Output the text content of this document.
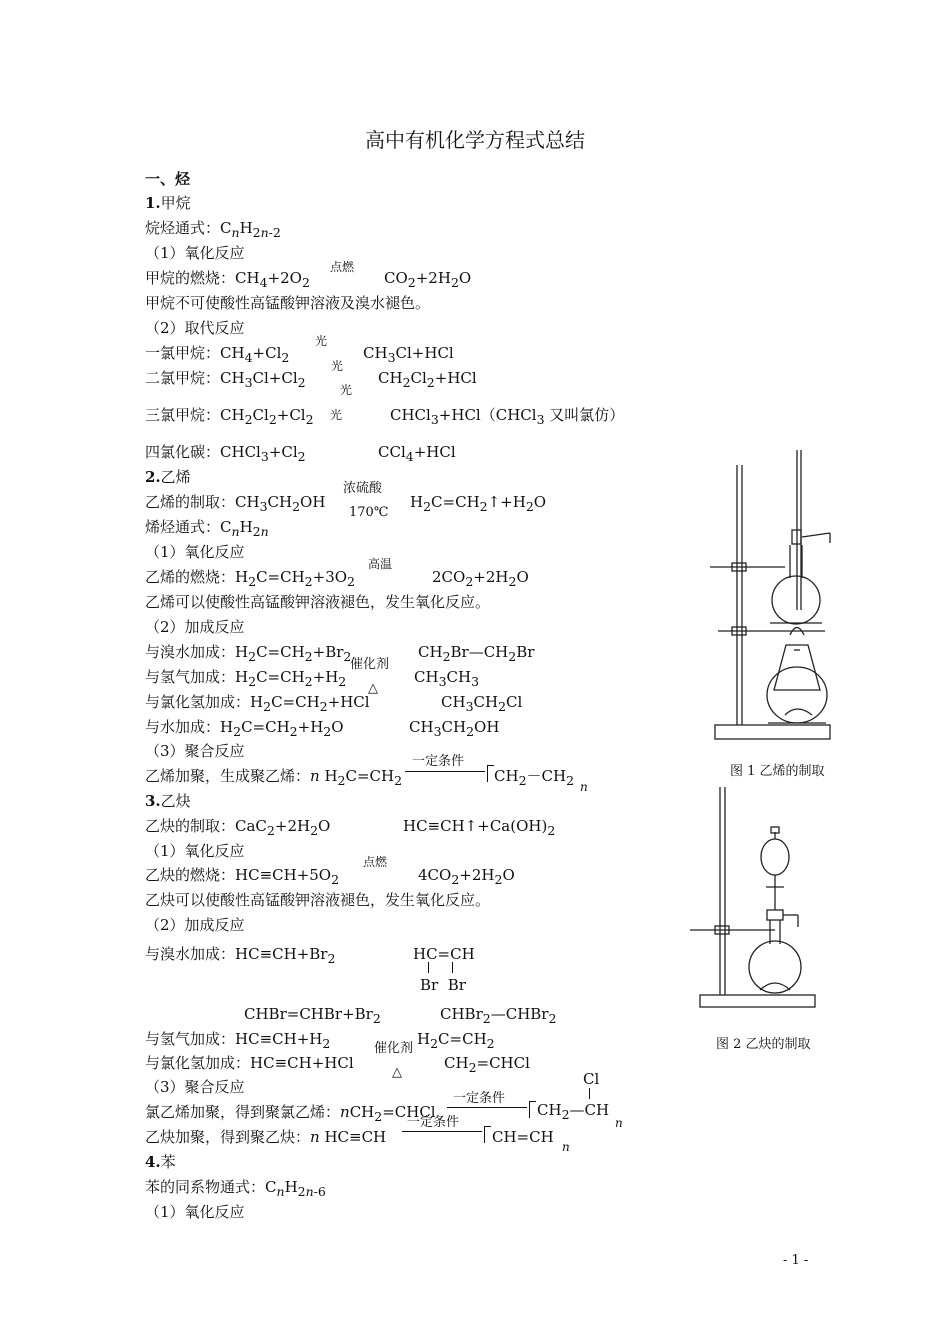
高中有机化学方程式总结
一、烃
1.甲烷
烷烃通式：$C_nH_{2n-2}$
（1）氧化反应
点燃
甲烷的燃烧：$CH_4+2O_2$	$CO_2+2H_2O$
甲烷不可使酸性高锰酸钾溶液及溴水褪色。
（2）取代反应
光
一氯甲烷：$CH_4+Cl_2$	$CH_3Cl+HCl$
光
二氯甲烷：$CH_3Cl+Cl_2$	$CH_2Cl_2+HCl$
光
光
三氯甲烷：$CH_2Cl_2+Cl_2$	CHCl$_3$+HCl（CHCl$_3$ 又叫氯仿）
四氯化碳：$CHCl_3+Cl_2$	CCl$_4$+HCl
2.乙烯
浓硫酸
乙烯的制取：$CH_3CH_2OH$	$H_2C=CH_2↑+H_2O$
170℃
烯烃通式：$C_nH_{2n}$
（1）氧化反应
高温
乙烯的燃烧：$H_2C=CH_2+3O_2$	$2CO_2+2H_2O$
乙烯可以使酸性高锰酸钾溶液褪色，发生氧化反应。
（2）加成反应
与溴水加成：$H_2C=CH_2+Br_2$	$CH_2Br—CH_2Br$
催化剂
与氢气加成：$H_2C=CH_2+H_2$	$CH_3CH_3$
△
与氯化氢加成：$H_2C=CH_2+HCl$	$CH_3CH_2Cl$
与水加成：$H_2C=CH_2+H_2O$	$CH_3CH_2OH$
（3）聚合反应
一定条件
乙烯加聚，生成聚乙烯：n $H_2C=CH_2$	$CH_2-CH_2$ n
3.乙炔
乙炔的制取：$CaC_2+2H_2O$	$HC\equiv CH↑+Ca(OH)_2$
（1）氧化反应
点燃
乙炔的燃烧：$HC\equiv CH+5O_2$	$4CO_2+2H_2O$
乙炔可以使酸性高锰酸钾溶液褪色，发生氧化反应。
（2）加成反应
与溴水加成：$HC\equiv CH+Br_2$	HC=CH
Br  Br
$CHBr=CHBr+Br_2$	CHBr$_2$—CHBr$_2$
与氢气加成：$HC\equiv CH+H_2$	$H_2C=CH_2$
催化剂
与氯化氢加成：HC≡CH+HCl	$CH_2=CHCl$
△
（3）聚合反应	Cl
一定条件
氯乙烯加聚，得到聚氯乙烯：nCH$_2$=CHCl	$CH_2—CH$
n
一定条件
乙炔加聚，得到聚乙炔：n HC≡CH	CH=CH
n
4.苯
苯的同系物通式：$C_nH_{2n-6}$
（1）氧化反应
图 1 乙烯的制取
图 2 乙炔的制取
- 1 -
